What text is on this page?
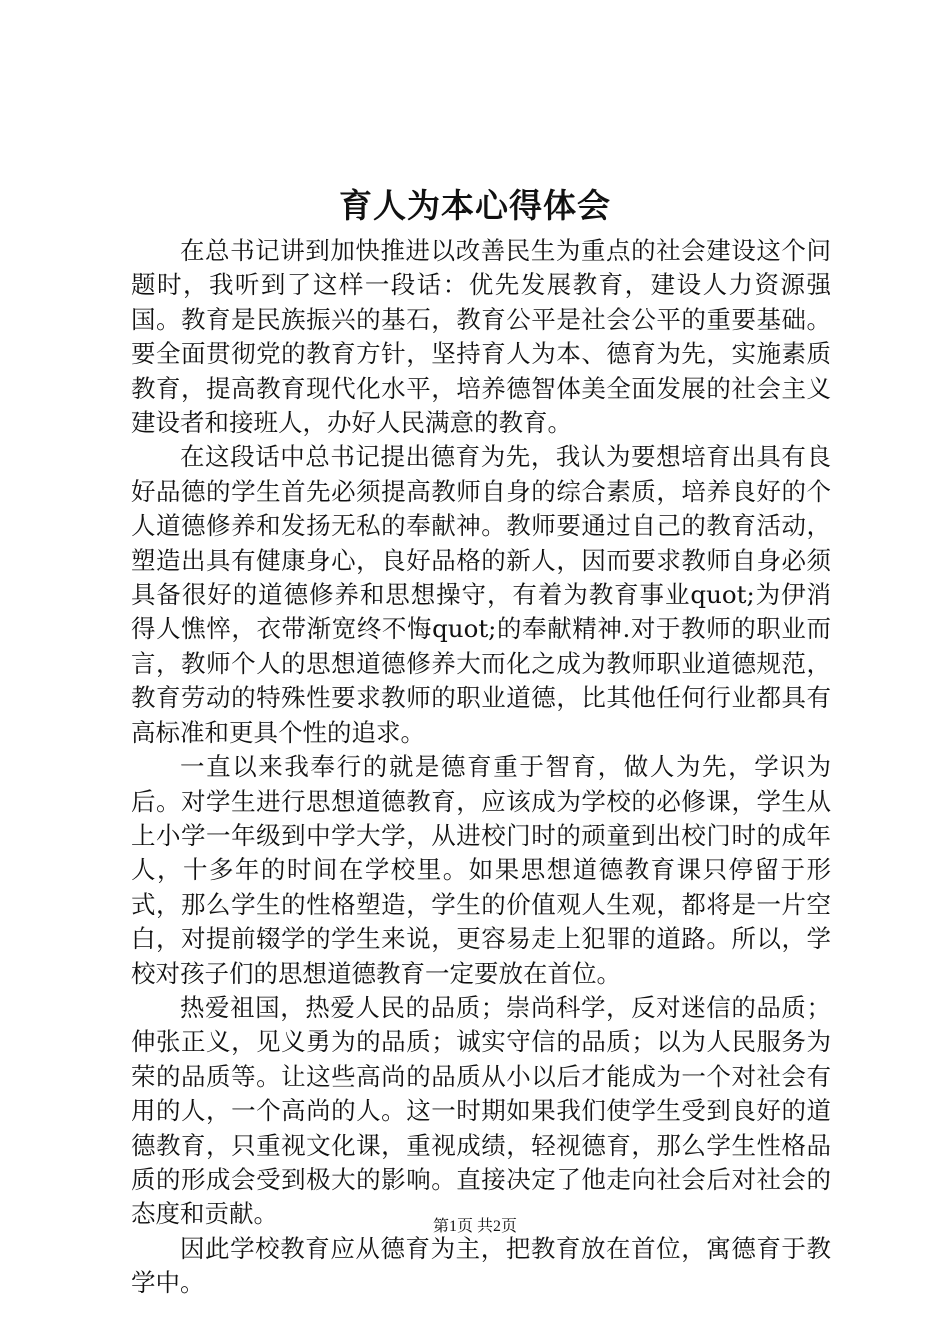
育人为本心得体会

在总书记讲到加快推进以改善民生为重点的社会建设这个问题时，我听到了这样一段话：优先发展教育，建设人力资源强国。教育是民族振兴的基石，教育公平是社会公平的重要基础。要全面贯彻党的教育方针，坚持育人为本、德育为先，实施素质教育，提高教育现代化水平，培养德智体美全面发展的社会主义建设者和接班人，办好人民满意的教育。

在这段话中总书记提出德育为先，我认为要想培育出具有良好品德的学生首先必须提高教师自身的综合素质，培养良好的个人道德修养和发扬无私的奉献神。教师要通过自己的教育活动，塑造出具有健康身心，良好品格的新人，因而要求教师自身必须具备很好的道德修养和思想操守，有着为教育事业quot;为伊消得人憔悴，衣带渐宽终不悔quot;的奉献精神.对于教师的职业而言，教师个人的思想道德修养大而化之成为教师职业道德规范，教育劳动的特殊性要求教师的职业道德，比其他任何行业都具有高标准和更具个性的追求。

一直以来我奉行的就是德育重于智育，做人为先，学识为后。对学生进行思想道德教育，应该成为学校的必修课，学生从上小学一年级到中学大学，从进校门时的顽童到出校门时的成年人，十多年的时间在学校里。如果思想道德教育课只停留于形式，那么学生的性格塑造，学生的价值观人生观，都将是一片空白，对提前辍学的学生来说，更容易走上犯罪的道路。所以，学校对孩子们的思想道德教育一定要放在首位。

热爱祖国，热爱人民的品质；崇尚科学，反对迷信的品质；伸张正义，见义勇为的品质；诚实守信的品质；以为人民服务为荣的品质等。让这些高尚的品质从小以后才能成为一个对社会有用的人，一个高尚的人。这一时期如果我们使学生受到良好的道德教育，只重视文化课，重视成绩，轻视德育，那么学生性格品质的形成会受到极大的影响。直接决定了他走向社会后对社会的态度和贡献。

因此学校教育应从德育为主，把教育放在首位，寓德育于教学中。

第1页 共2页
